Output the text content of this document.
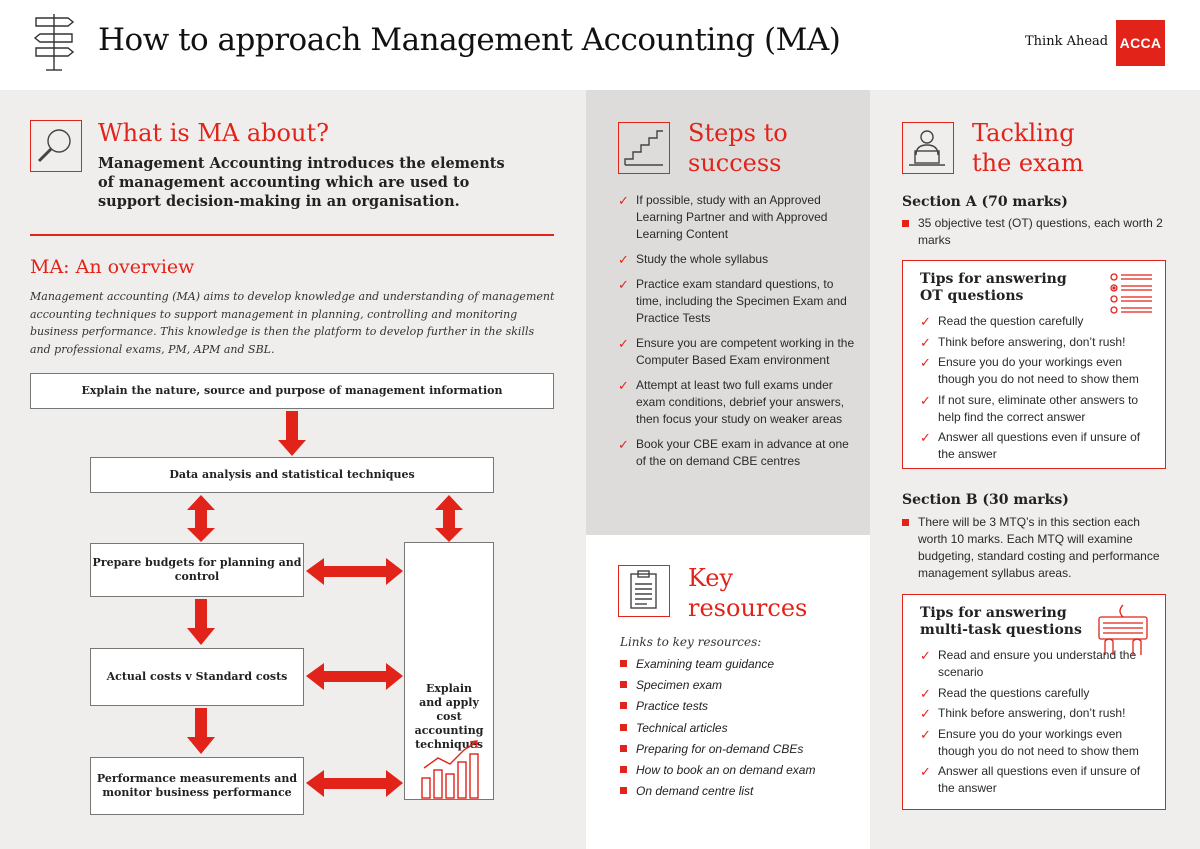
How to approach Management Accounting (MA)	Think Ahead ACCA
What is MA about?
Management Accounting introduces the elements of management accounting which are used to support decision-making in an organisation.
MA: An overview
Management accounting (MA) aims to develop knowledge and understanding of management accounting techniques to support management in planning, controlling and monitoring business performance. This knowledge is then the platform to develop further in the skills and professional exams, PM, APM and SBL.
Explain the nature, source and purpose of management information
Data analysis and statistical techniques
Prepare budgets for planning and control
Actual costs v Standard costs
Performance measurements and monitor business performance
Explain
and apply
cost
accounting
techniques
Steps to
success
✓ If possible, study with an Approved Learning Partner and with Approved Learning Content
✓ Study the whole syllabus
✓ Practice exam standard questions, to time, including the Specimen Exam and Practice Tests
✓ Ensure you are competent working in the Computer Based Exam environment
✓ Attempt at least two full exams under exam conditions, debrief your answers, then focus your study on weaker areas
✓ Book your CBE exam in advance at one of the on demand CBE centres
Key
resources
Links to key resources:
Examining team guidance
Specimen exam
Practice tests
Technical articles
Preparing for on-demand CBEs
How to book an on demand exam
On demand centre list
Tackling
the exam
Section A (70 marks)
35 objective test (OT) questions, each worth 2 marks
Tips for answering
OT questions
✓ Read the question carefully
✓ Think before answering, don’t rush!
✓ Ensure you do your workings even though you do not need to show them
✓ If not sure, eliminate other answers to help find the correct answer
✓ Answer all questions even if unsure of the answer
Section B (30 marks)
There will be 3 MTQ’s in this section each worth 10 marks. Each MTQ will examine budgeting, standard costing and performance management syllabus areas.
Tips for answering
multi-task questions
✓ Read and ensure you understand the scenario
✓ Read the questions carefully
✓ Think before answering, don’t rush!
✓ Ensure you do your workings even though you do not need to show them
✓ Answer all questions even if unsure of the answer
